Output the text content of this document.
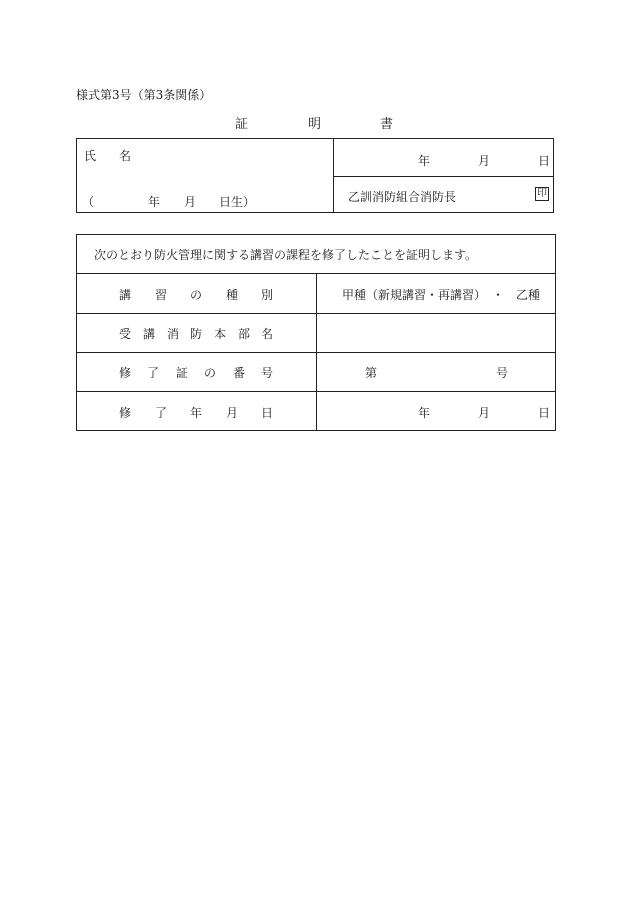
様式第3号（第3条関係）
証	明	書
氏 名
（	年 月 日生）
年	月	日
乙訓消防組合消防長	印
次のとおり防火管理に関する講習の課程を修了したことを証明します。
講 習 の 種 別	甲種（新規講習・再講習）　・　乙種
受 講 消 防 本 部 名
修 了 証 の 番 号	第	号
修 了 年 月 日	年	月	日
